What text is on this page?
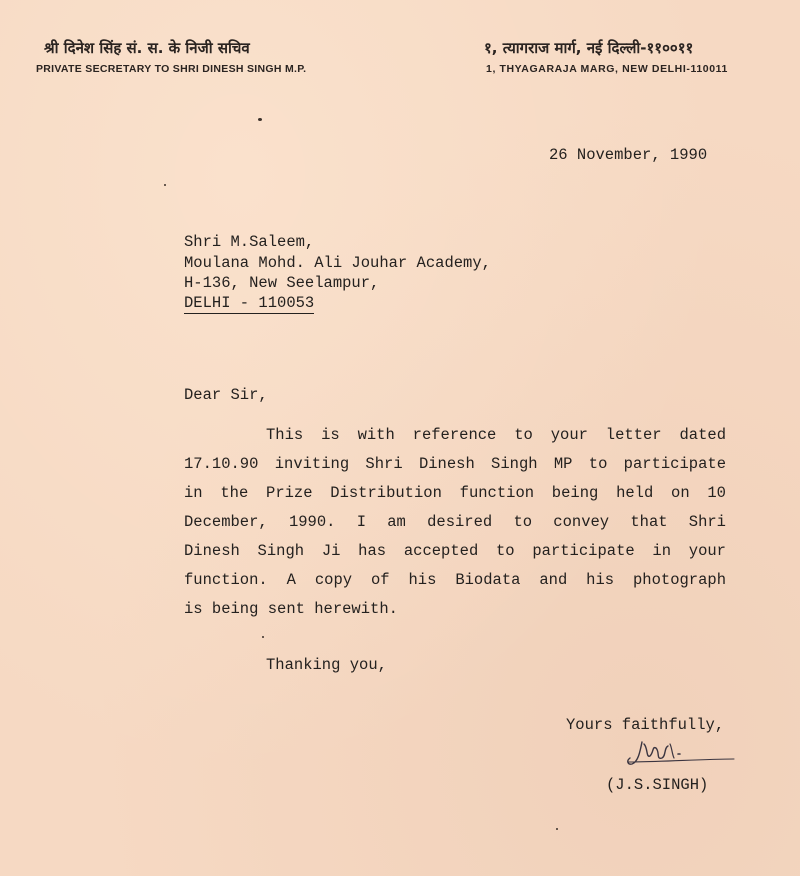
श्री दिनेश सिंह सं. स. के निजी सचिव
PRIVATE SECRETARY TO SHRI DINESH SINGH M.P.
१, त्यागराज मार्ग, नई दिल्ली-११००११
1, THYAGARAJA MARG, NEW DELHI-110011
26 November, 1990
Shri M.Saleem,
Moulana Mohd. Ali Jouhar Academy,
H-136, New Seelampur,
DELHI - 110053
Dear Sir,
This is with reference to your letter dated
17.10.90 inviting Shri Dinesh Singh MP to participate
in the Prize Distribution function being held on 10
December, 1990. I am desired to convey that Shri
Dinesh Singh Ji has accepted to participate in your
function. A copy of his Biodata and his photograph
is being sent herewith.
Thanking you,
Yours faithfully,
(J.S.SINGH)
